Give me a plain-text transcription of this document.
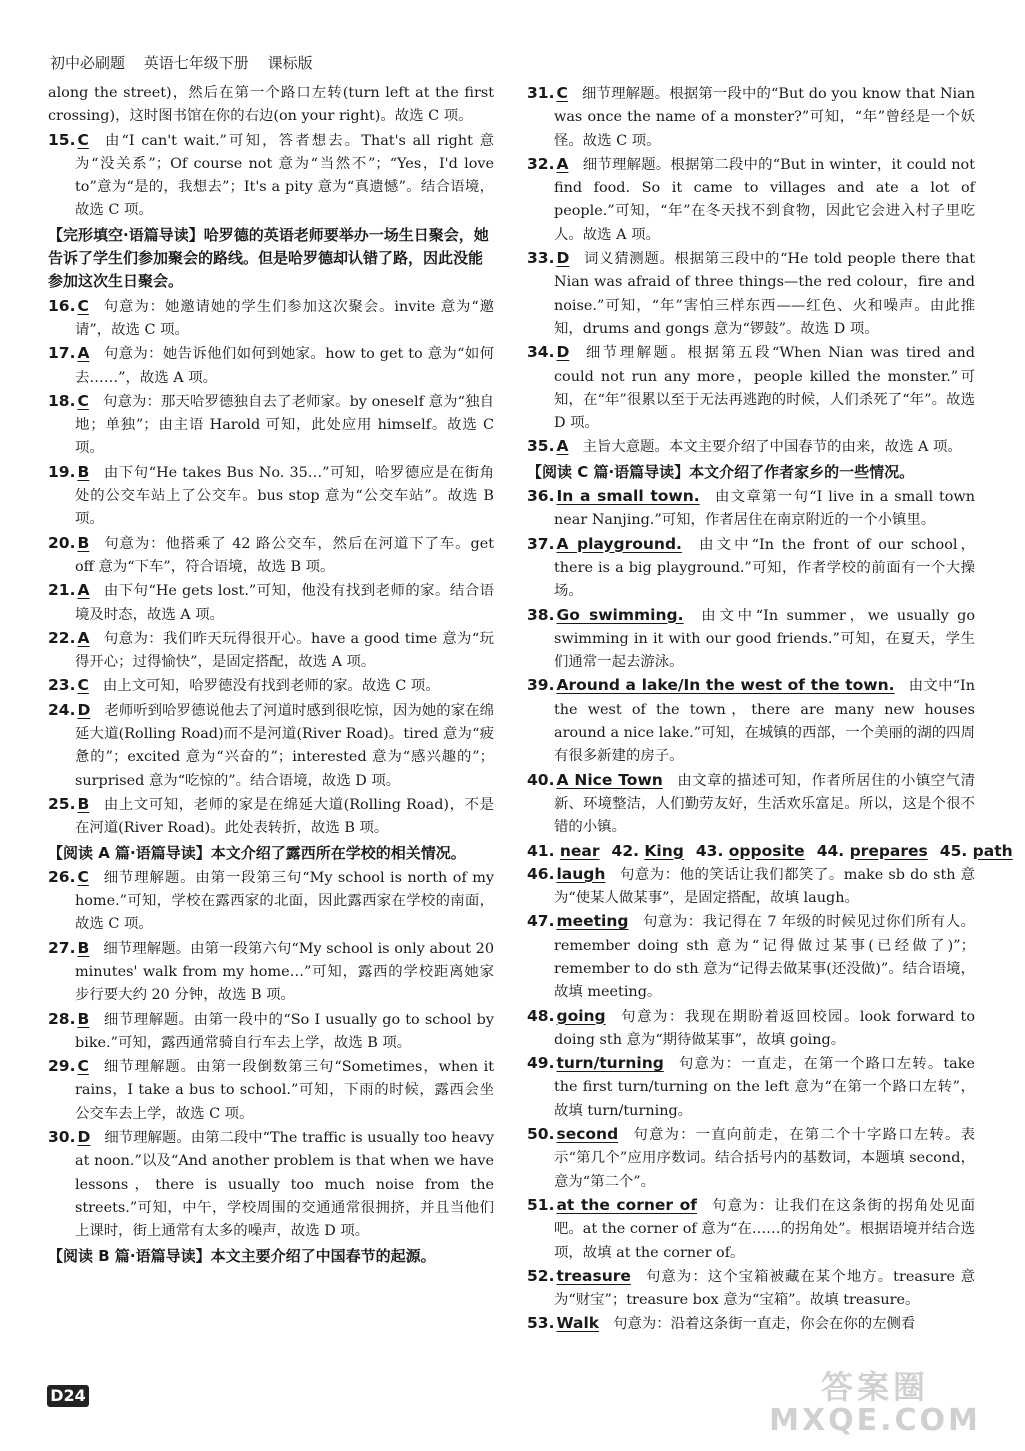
初中必刷题 英语七年级下册 课标版
along the street)，然后在第一个路口左转(turn left at the first crossing)，这时图书馆在你的右边(on your right)。故选 C 项。
15. C 由“I can't wait.”可知，答者想去。That's all right 意为“没关系”；Of course not 意为“当然不”；“Yes，I'd love to”意为“是的，我想去”；It's a pity 意为“真遗憾”。结合语境，故选 C 项。
【完形填空·语篇导读】哈罗德的英语老师要举办一场生日聚会，她告诉了学生们参加聚会的路线。但是哈罗德却认错了路，因此没能参加这次生日聚会。
16. C 句意为：她邀请她的学生们参加这次聚会。invite 意为“邀请”，故选 C 项。
17. A 句意为：她告诉他们如何到她家。how to get to 意为“如何去……”，故选 A 项。
18. C 句意为：那天哈罗德独自去了老师家。by oneself 意为“独自地；单独”；由主语 Harold 可知，此处应用 himself。故选 C 项。
19. B 由下句“He takes Bus No. 35…”可知，哈罗德应是在街角处的公交车站上了公交车。bus stop 意为“公交车站”。故选 B 项。
20. B 句意为：他搭乘了 42 路公交车，然后在河道下了车。get off 意为“下车”，符合语境，故选 B 项。
21. A 由下句“He gets lost.”可知，他没有找到老师的家。结合语境及时态，故选 A 项。
22. A 句意为：我们昨天玩得很开心。have a good time 意为“玩得开心；过得愉快”，是固定搭配，故选 A 项。
23. C 由上文可知，哈罗德没有找到老师的家。故选 C 项。
24. D 老师听到哈罗德说他去了河道时感到很吃惊，因为她的家在绵延大道(Rolling Road)而不是河道(River Road)。tired 意为“疲惫的”；excited 意为“兴奋的”；interested 意为“感兴趣的”；surprised 意为“吃惊的”。结合语境，故选 D 项。
25. B 由上文可知，老师的家是在绵延大道(Rolling Road)，不是在河道(River Road)。此处表转折，故选 B 项。
【阅读 A 篇·语篇导读】本文介绍了露西所在学校的相关情况。
26. C 细节理解题。由第一段第三句“My school is north of my home.”可知，学校在露西家的北面，因此露西家在学校的南面，故选 C 项。
27. B 细节理解题。由第一段第六句“My school is only about 20 minutes' walk from my home…”可知，露西的学校距离她家步行要大约 20 分钟，故选 B 项。
28. B 细节理解题。由第一段中的“So I usually go to school by bike.”可知，露西通常骑自行车去上学，故选 B 项。
29. C 细节理解题。由第一段倒数第三句“Sometimes，when it rains，I take a bus to school.”可知，下雨的时候，露西会坐公交车去上学，故选 C 项。
30. D 细节理解题。由第二段中“The traffic is usually too heavy at noon.”以及“And another problem is that when we have lessons，there is usually too much noise from the streets.”可知，中午，学校周围的交通通常很拥挤，并且当他们上课时，街上通常有太多的噪声，故选 D 项。
【阅读 B 篇·语篇导读】本文主要介绍了中国春节的起源。
31. C 细节理解题。根据第一段中的“But do you know that Nian was once the name of a monster?”可知，“年”曾经是一个妖怪。故选 C 项。
32. A 细节理解题。根据第二段中的“But in winter，it could not find food. So it came to villages and ate a lot of people.”可知，“年”在冬天找不到食物，因此它会进入村子里吃人。故选 A 项。
33. D 词义猜测题。根据第三段中的“He told people there that Nian was afraid of three things—the red colour，fire and noise.”可知，“年”害怕三样东西——红色、火和噪声。由此推知，drums and gongs 意为“锣鼓”。故选 D 项。
34. D 细节理解题。根据第五段“When Nian was tired and could not run any more，people killed the monster.”可知，在“年”很累以至于无法再逃跑的时候，人们杀死了“年”。故选 D 项。
35. A 主旨大意题。本文主要介绍了中国春节的由来，故选 A 项。
【阅读 C 篇·语篇导读】本文介绍了作者家乡的一些情况。
36. In a small town. 由文章第一句“I live in a small town near Nanjing.”可知，作者居住在南京附近的一个小镇里。
37. A playground. 由文中“In the front of our school，there is a big playground.”可知，作者学校的前面有一个大操场。
38. Go swimming. 由文中“In summer，we usually go swimming in it with our good friends.”可知，在夏天，学生们通常一起去游泳。
39. Around a lake/In the west of the town. 由文中“In the west of the town，there are many new houses around a nice lake.”可知，在城镇的西部，一个美丽的湖的四周有很多新建的房子。
40. A Nice Town 由文章的描述可知，作者所居住的小镇空气清新、环境整洁，人们勤劳友好，生活欢乐富足。所以，这是个很不错的小镇。
41. near 42. King 43. opposite 44. prepares 45. path
46. laugh 句意为：他的笑话让我们都笑了。make sb do sth 意为“使某人做某事”，是固定搭配，故填 laugh。
47. meeting 句意为：我记得在 7 年级的时候见过你们所有人。remember doing sth 意为“记得做过某事(已经做了)”；remember to do sth 意为“记得去做某事(还没做)”。结合语境，故填 meeting。
48. going 句意为：我现在期盼着返回校园。look forward to doing sth 意为“期待做某事”，故填 going。
49. turn/turning 句意为：一直走，在第一个路口左转。take the first turn/turning on the left 意为“在第一个路口左转”，故填 turn/turning。
50. second 句意为：一直向前走，在第二个十字路口左转。表示“第几个”应用序数词。结合括号内的基数词，本题填 second，意为“第二个”。
51. at the corner of 句意为：让我们在这条街的拐角处见面吧。at the corner of 意为“在……的拐角处”。根据语境并结合选项，故填 at the corner of。
52. treasure 句意为：这个宝箱被藏在某个地方。treasure 意为“财宝”；treasure box 意为“宝箱”。故填 treasure。
53. Walk 句意为：沿着这条街一直走，你会在你的左侧看
D24	答案圈
MXQE.COM
